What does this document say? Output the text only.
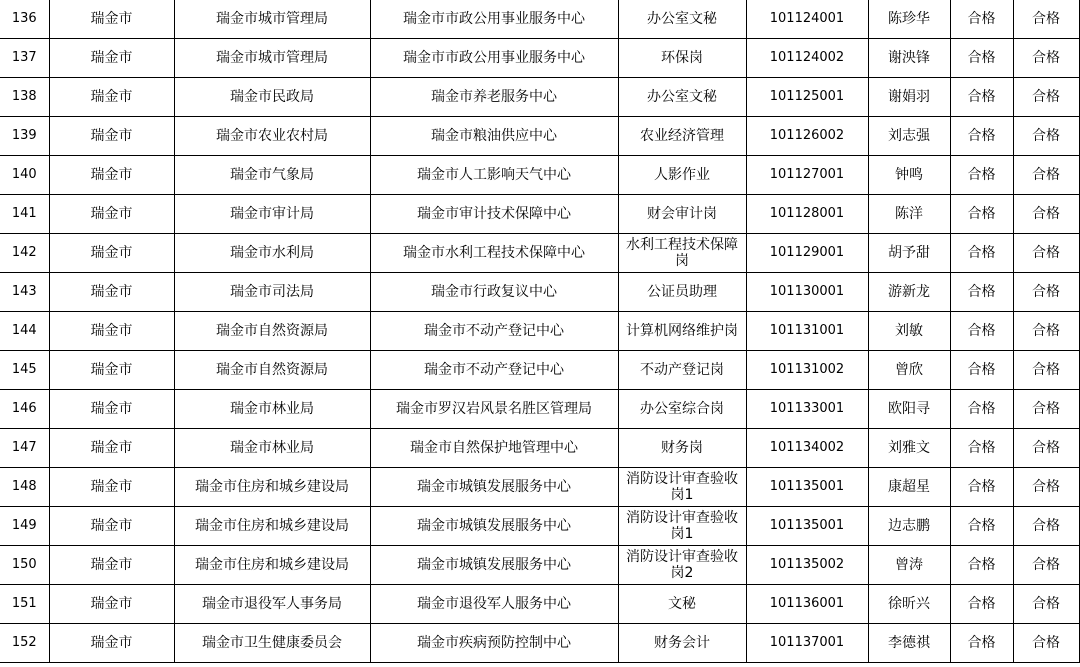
136	瑞金市	瑞金市城市管理局	瑞金市市政公用事业服务中心	办公室文秘	101124001	陈珍华	合格	合格
137	瑞金市	瑞金市城市管理局	瑞金市市政公用事业服务中心	环保岗	101124002	谢泱锋	合格	合格
138	瑞金市	瑞金市民政局	瑞金市养老服务中心	办公室文秘	101125001	谢娟羽	合格	合格
139	瑞金市	瑞金市农业农村局	瑞金市粮油供应中心	农业经济管理	101126002	刘志强	合格	合格
140	瑞金市	瑞金市气象局	瑞金市人工影响天气中心	人影作业	101127001	钟鸣	合格	合格
141	瑞金市	瑞金市审计局	瑞金市审计技术保障中心	财会审计岗	101128001	陈洋	合格	合格
142	瑞金市	瑞金市水利局	瑞金市水利工程技术保障中心	水利工程技术保障岗	101129001	胡予甜	合格	合格
143	瑞金市	瑞金市司法局	瑞金市行政复议中心	公证员助理	101130001	游新龙	合格	合格
144	瑞金市	瑞金市自然资源局	瑞金市不动产登记中心	计算机网络维护岗	101131001	刘敏	合格	合格
145	瑞金市	瑞金市自然资源局	瑞金市不动产登记中心	不动产登记岗	101131002	曾欣	合格	合格
146	瑞金市	瑞金市林业局	瑞金市罗汉岩风景名胜区管理局	办公室综合岗	101133001	欧阳寻	合格	合格
147	瑞金市	瑞金市林业局	瑞金市自然保护地管理中心	财务岗	101134002	刘雅文	合格	合格
148	瑞金市	瑞金市住房和城乡建设局	瑞金市城镇发展服务中心	消防设计审查验收岗1	101135001	康超星	合格	合格
149	瑞金市	瑞金市住房和城乡建设局	瑞金市城镇发展服务中心	消防设计审查验收岗1	101135001	边志鹏	合格	合格
150	瑞金市	瑞金市住房和城乡建设局	瑞金市城镇发展服务中心	消防设计审查验收岗2	101135002	曾涛	合格	合格
151	瑞金市	瑞金市退役军人事务局	瑞金市退役军人服务中心	文秘	101136001	徐昕兴	合格	合格
152	瑞金市	瑞金市卫生健康委员会	瑞金市疾病预防控制中心	财务会计	101137001	李德祺	合格	合格
